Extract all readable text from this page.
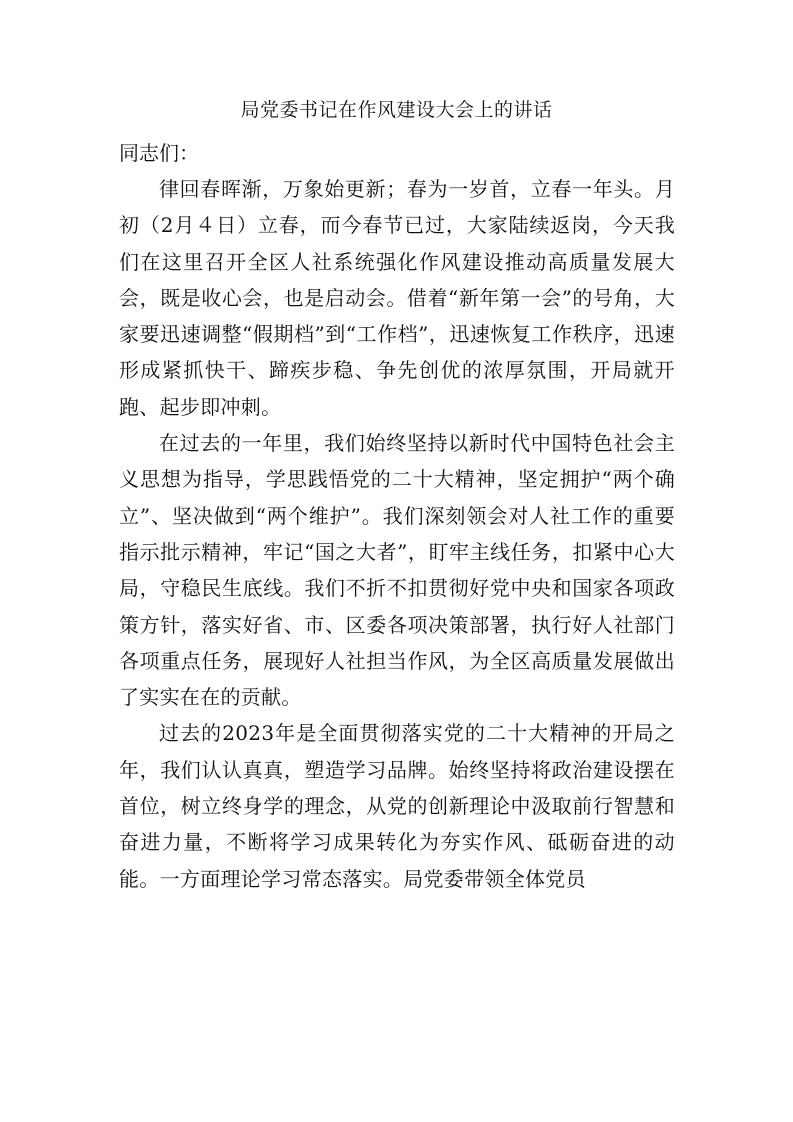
局党委书记在作风建设大会上的讲话
同志们：

律回春晖渐，万象始更新；春为一岁首，立春一年头。月初（2月４日）立春，而今春节已过，大家陆续返岗，今天我们在这里召开全区人社系统强化作风建设推动高质量发展大会，既是收心会，也是启动会。借着“新年第一会”的号角，大家要迅速调整“假期档”到“工作档”，迅速恢复工作秩序，迅速形成紧抓快干、蹄疾步稳、争先创优的浓厚氛围，开局就开跑、起步即冲刺。

在过去的一年里，我们始终坚持以新时代中国特色社会主义思想为指导，学思践悟党的二十大精神，坚定拥护“两个确立”、坚决做到“两个维护”。我们深刻领会对人社工作的重要指示批示精神，牢记“国之大者”，盯牢主线任务，扣紧中心大局，守稳民生底线。我们不折不扣贯彻好党中央和国家各项政策方针，落实好省、市、区委各项决策部署，执行好人社部门各项重点任务，展现好人社担当作风，为全区高质量发展做出了实实在在的贡献。

过去的2023年是全面贯彻落实党的二十大精神的开局之年，我们认认真真，塑造学习品牌。始终坚持将政治建设摆在首位，树立终身学的理念，从党的创新理论中汲取前行智慧和奋进力量，不断将学习成果转化为夯实作风、砥砺奋进的动能。一方面理论学习常态落实。局党委带领全体党员
